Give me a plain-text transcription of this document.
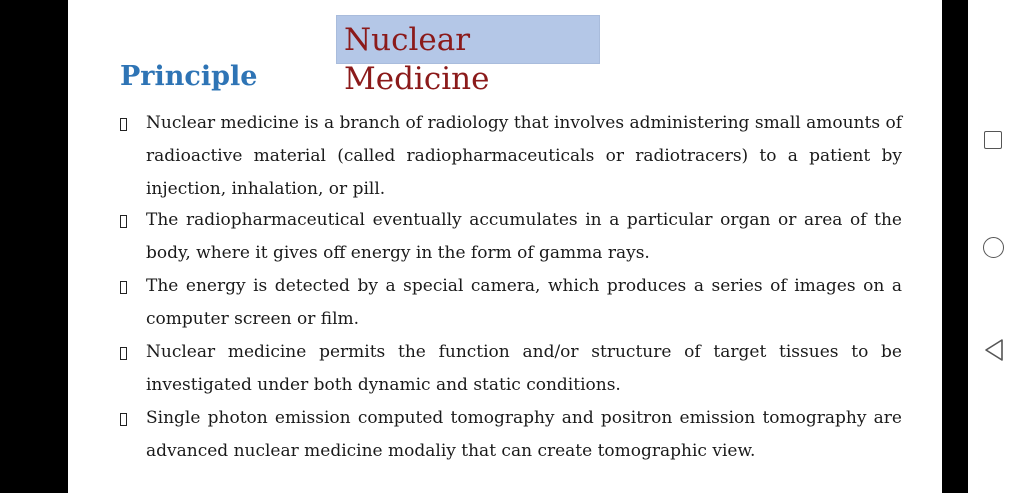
Nuclear
Medicine
Principle
Nuclear medicine is a branch of radiology that involves administering small amounts of radioactive material (called radiopharmaceuticals or radiotracers) to a patient by injection, inhalation, or pill.
The radiopharmaceutical eventually accumulates in a particular organ or area of the body, where it gives off energy in the form of gamma rays.
The energy is detected by a special camera, which produces a series of images on a computer screen or film.
Nuclear medicine permits the function and/or structure of target tissues to be investigated under both dynamic and static conditions.
Single photon emission computed tomography and positron emission tomography are advanced nuclear medicine modaliy that can create tomographic view.
